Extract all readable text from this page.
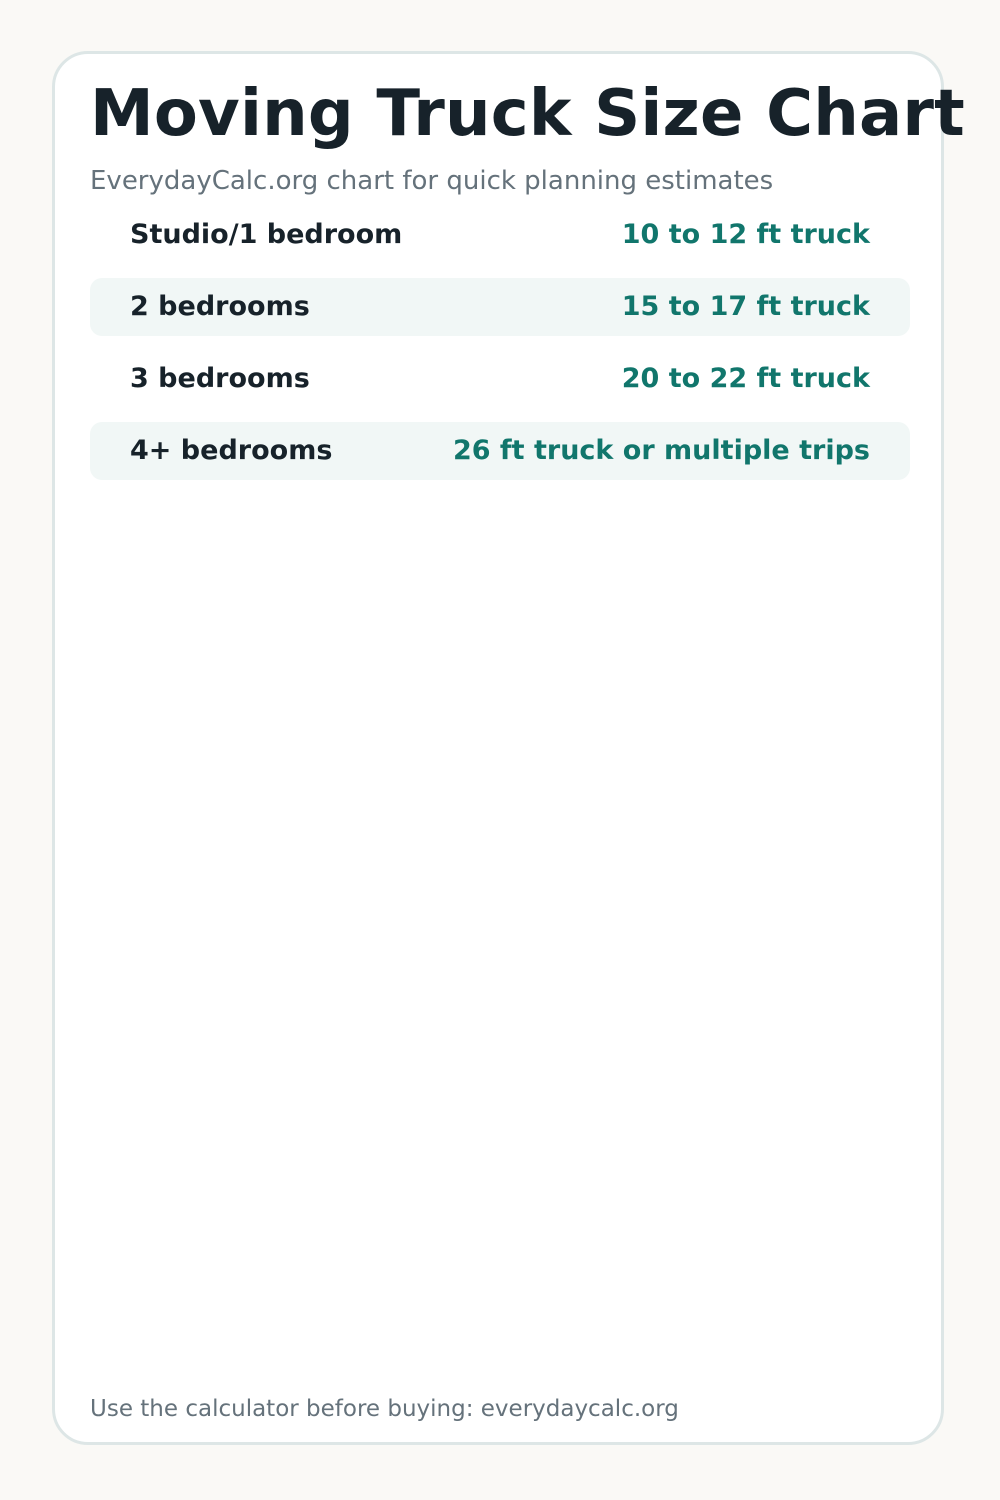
Moving Truck Size Chart
EverydayCalc.org chart for quick planning estimates
Studio/1 bedroom	10 to 12 ft truck
2 bedrooms	15 to 17 ft truck
3 bedrooms	20 to 22 ft truck
4+ bedrooms	26 ft truck or multiple trips
Use the calculator before buying: everydaycalc.org
